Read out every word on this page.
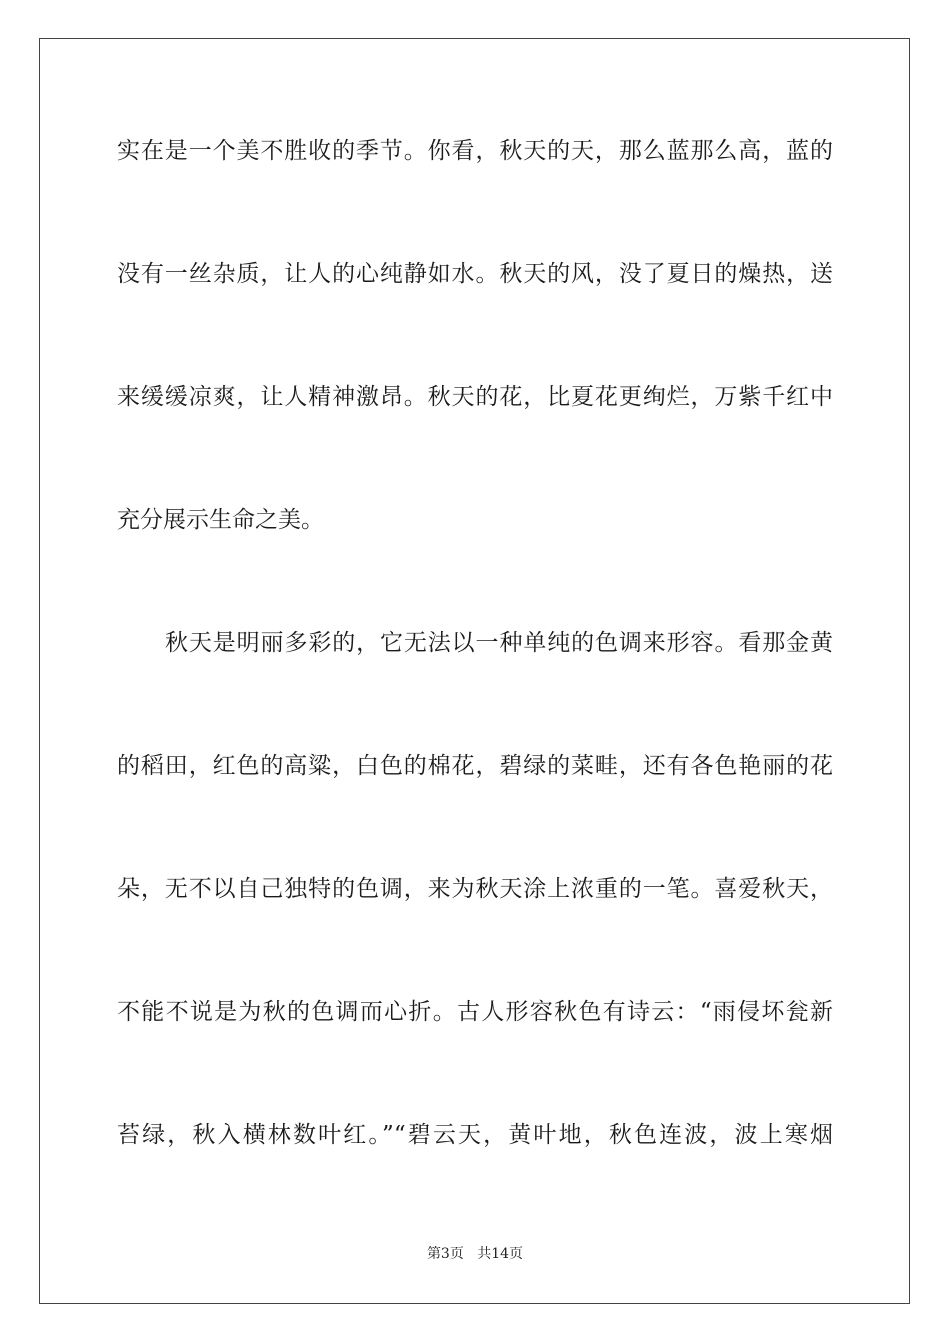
实在是一个美不胜收的季节。你看，秋天的天，那么蓝那么高，蓝的
没有一丝杂质，让人的心纯静如水。秋天的风，没了夏日的燥热，送
来缓缓凉爽，让人精神激昂。秋天的花，比夏花更绚烂，万紫千红中
充分展示生命之美。
秋天是明丽多彩的，它无法以一种单纯的色调来形容。看那金黄
的稻田，红色的高粱，白色的棉花，碧绿的菜畦，还有各色艳丽的花
朵，无不以自己独特的色调，来为秋天涂上浓重的一笔。喜爱秋天，
不能不说是为秋的色调而心折。古人形容秋色有诗云：“雨侵坏瓮新
苔绿，秋入横林数叶红。”“碧云天，黄叶地，秋色连波，波上寒烟
第3页 共14页
